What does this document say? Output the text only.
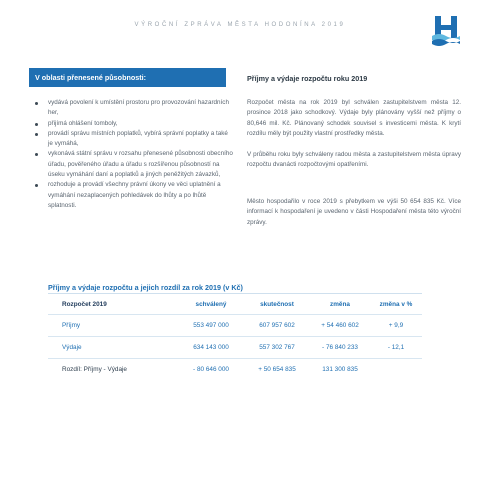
VÝROČNÍ ZPRÁVA MĚSTA HODONÍNA 2019
V oblasti přenesené působnosti:
vydává povolení k umístění prostoru pro provozování hazardních her,
přijímá ohlášení tomboly,
provádí správu místních poplatků, vybírá správní poplatky a také je vymáhá,
vykonává státní správu v rozsahu přenesené působnosti obecního úřadu, pověřeného úřadu a úřadu s rozšířenou působností na úseku vymáhání daní a poplatků a jiných peněžitých závazků,
rozhoduje a provádí všechny právní úkony ve věci uplatnění a vymáhání nezaplacených pohledávek do lhůty a po lhůtě splatnosti.
Příjmy a výdaje rozpočtu roku 2019

Rozpočet města na rok 2019 byl schválen zastupitelstvem města 12. prosince 2018 jako schodkový. Výdaje byly plánovány vyšší než příjmy o 80,646 mil. Kč. Plánovaný schodek souvisel s investicemi města. K krytí rozdílu měly být použity vlastní prostředky města.

V průběhu roku byly schváleny radou města a zastupitelstvem města úpravy rozpočtu dvanácti rozpočtovými opatřeními.

Město hospodařilo v roce 2019 s přebytkem ve výši 50 654 835 Kč. Více informací k hospodaření je uvedeno v části Hospodaření města této výroční zprávy.

Příjmy a výdaje rozpočtu a jejich rozdíl za rok 2019 (v Kč)
Rozpočet 2019	schválený	skutečnost	změna	změna v %
Příjmy	553 497 000	607 957 602	+ 54 460 602	+ 9,9
Výdaje	634 143 000	557 302 767	- 76 840 233	- 12,1
Rozdíl: Příjmy - Výdaje	- 80 646 000	+ 50 654 835	131 300 835
